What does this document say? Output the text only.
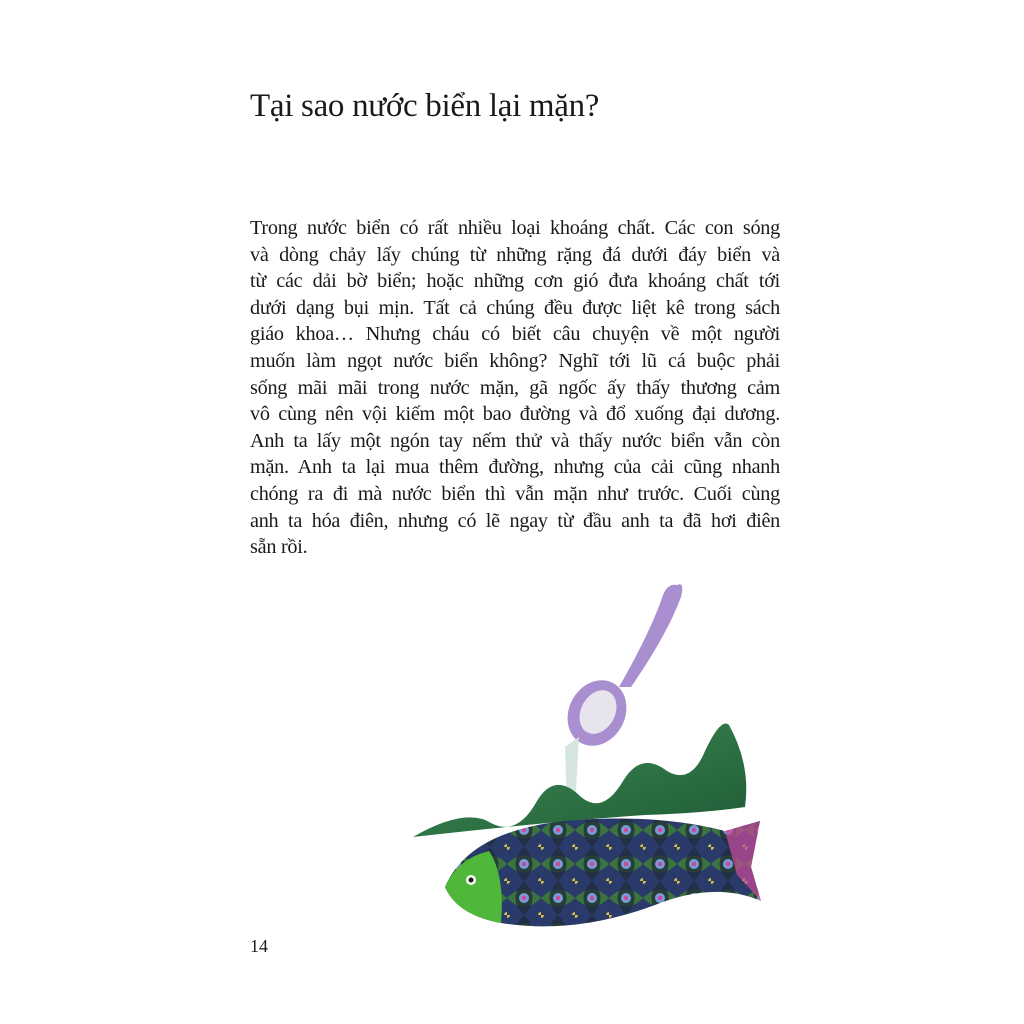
Tại sao nước biển lại mặn?

Trong nước biển có rất nhiều loại khoáng chất. Các con sóng
và dòng chảy lấy chúng từ những rặng đá dưới đáy biển và
từ các dải bờ biển; hoặc những cơn gió đưa khoáng chất tới
dưới dạng bụi mịn. Tất cả chúng đều được liệt kê trong sách
giáo khoa… Nhưng cháu có biết câu chuyện về một người
muốn làm ngọt nước biển không? Nghĩ tới lũ cá buộc phải
sống mãi mãi trong nước mặn, gã ngốc ấy thấy thương cảm
vô cùng nên vội kiếm một bao đường và đổ xuống đại dương.
Anh ta lấy một ngón tay nếm thử và thấy nước biển vẫn còn
mặn. Anh ta lại mua thêm đường, nhưng của cải cũng nhanh
chóng ra đi mà nước biển thì vẫn mặn như trước. Cuối cùng
anh ta hóa điên, nhưng có lẽ ngay từ đầu anh ta đã hơi điên
sẵn rồi.

14
